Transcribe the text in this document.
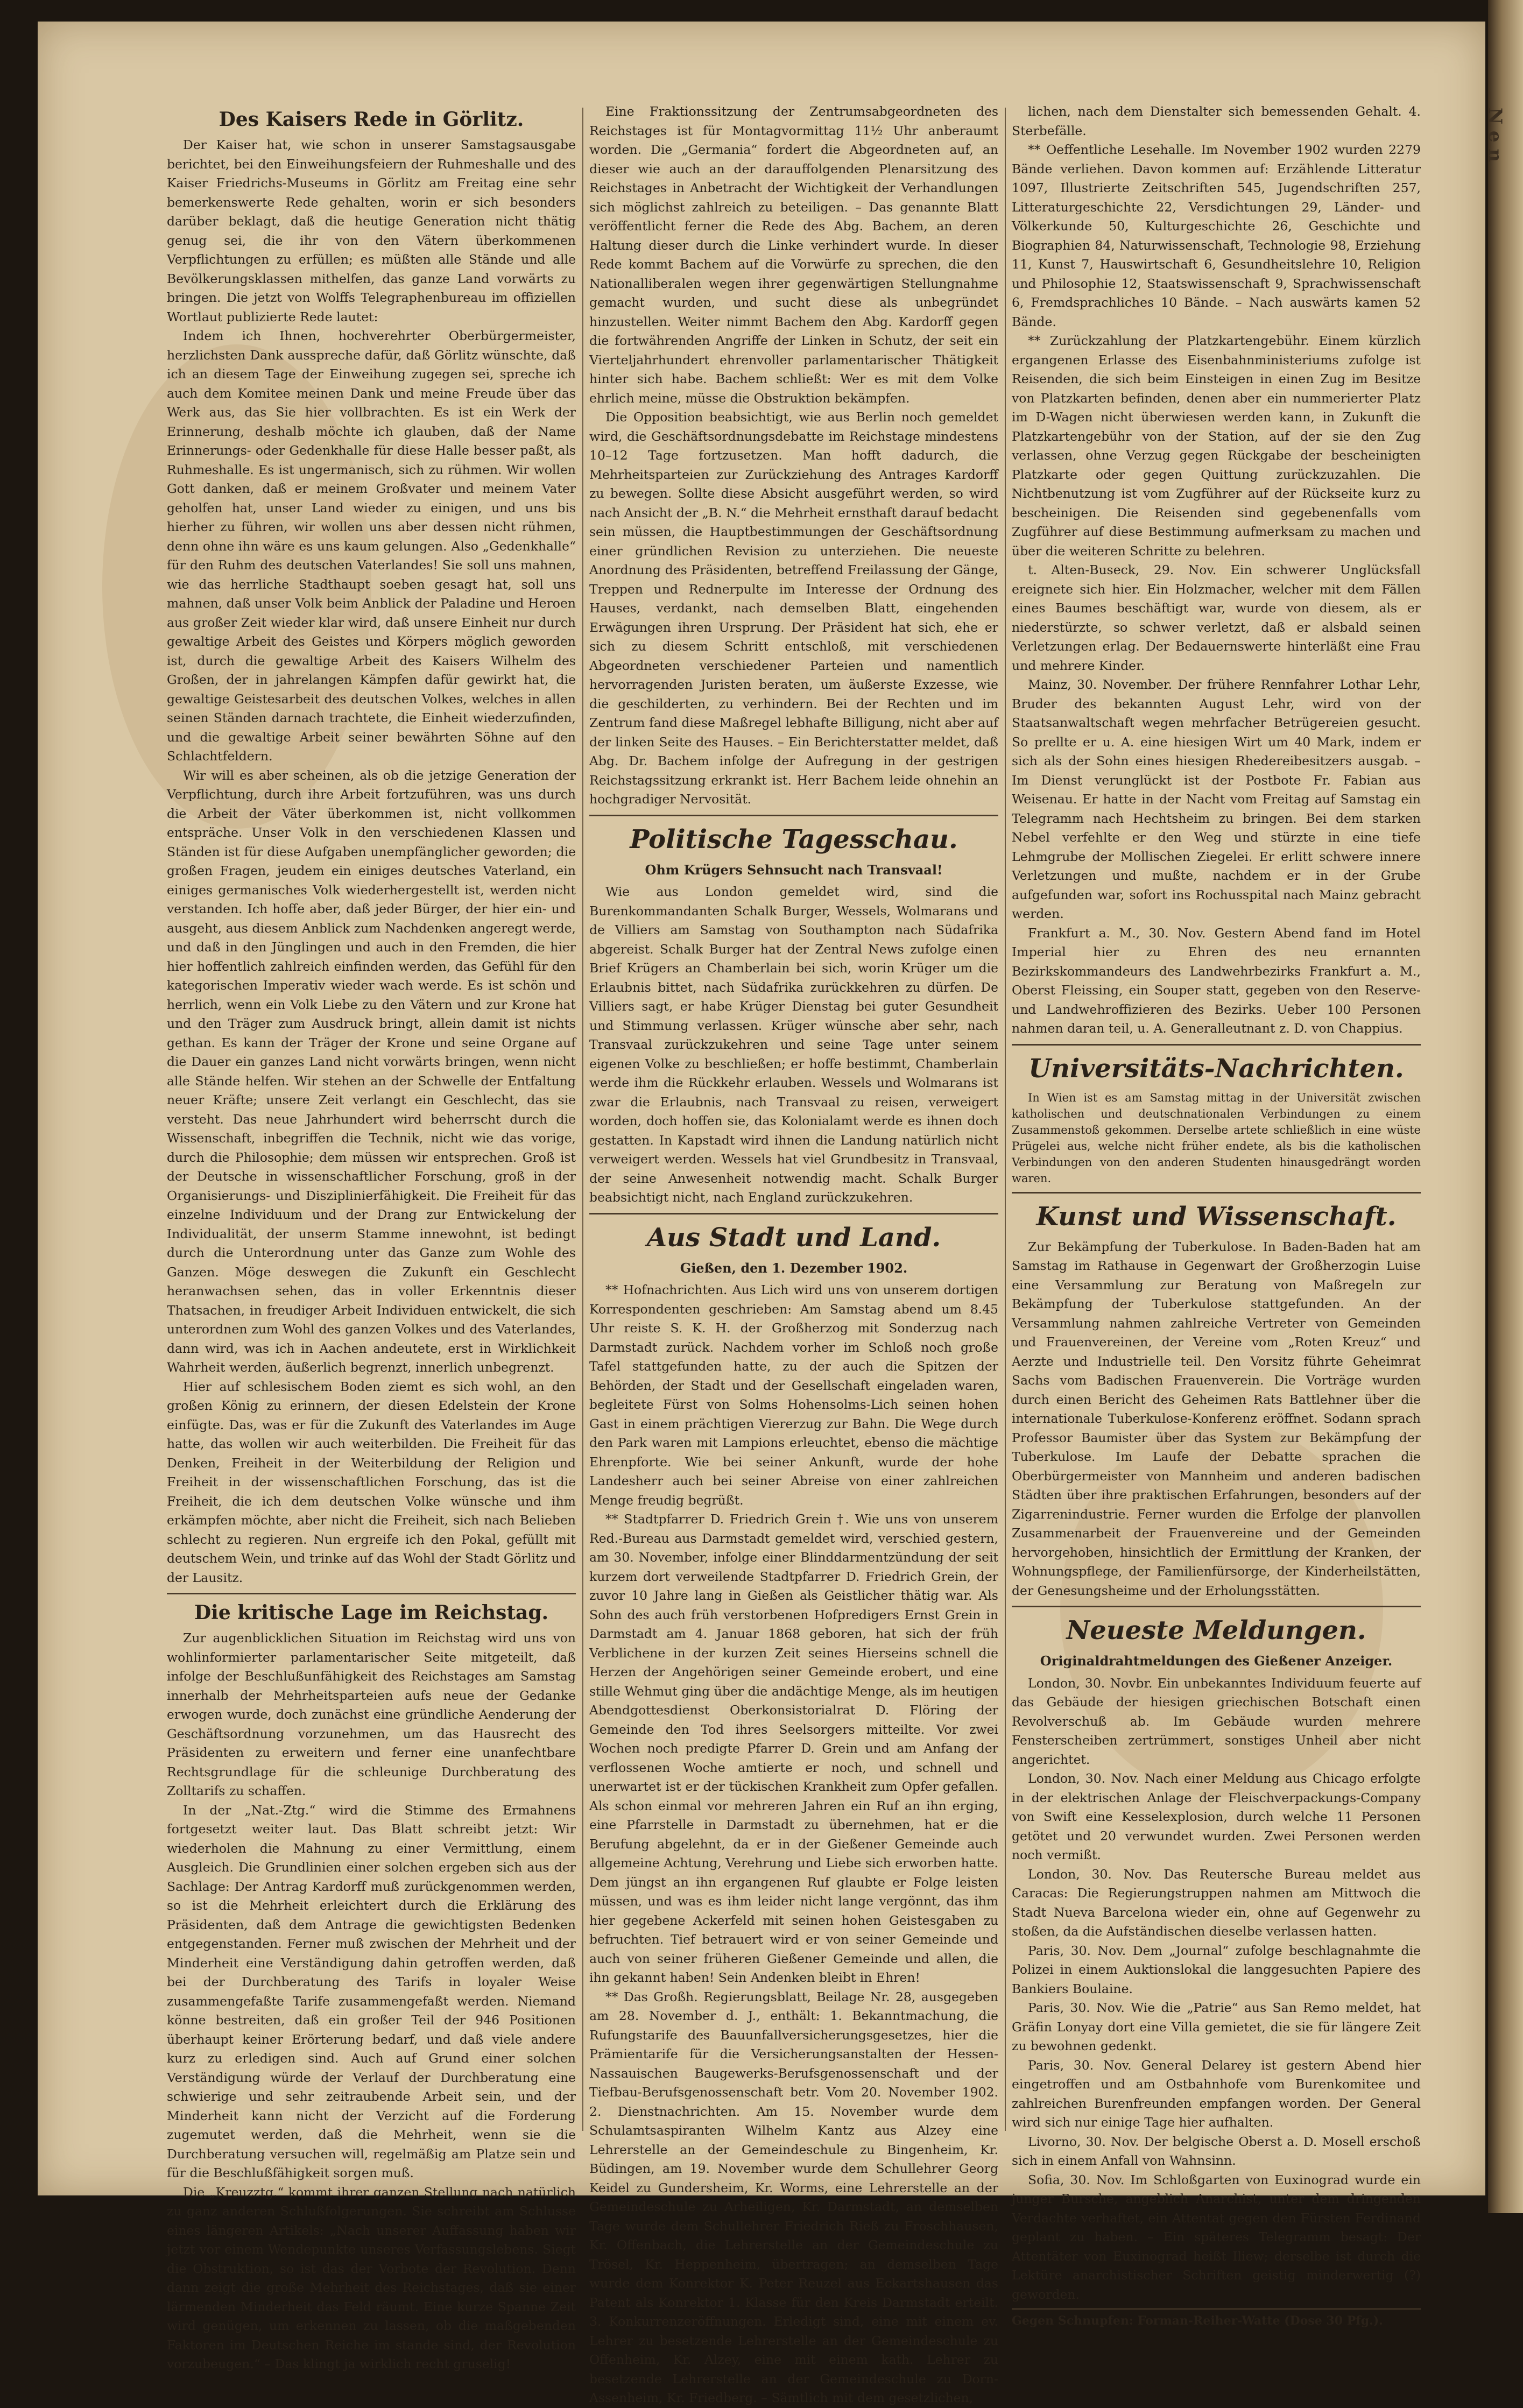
Des Kaisers Rede in Görlitz.

Der Kaiser hat, wie schon in unserer Samstagsausgabe berichtet, bei den Einweihungsfeiern der Ruhmeshalle und des Kaiser Friedrichs-Museums in Görlitz am Freitag eine sehr bemerkenswerte Rede gehalten, worin er sich besonders darüber beklagt, daß die heutige Generation nicht thätig genug sei, die ihr von den Vätern überkommenen Verpflichtungen zu erfüllen; es müßten alle Stände und alle Bevölkerungsklassen mithelfen, das ganze Land vorwärts zu bringen. Die jetzt von Wolffs Telegraphenbureau im offiziellen Wortlaut publizierte Rede lautet:

Indem ich Ihnen, hochverehrter Oberbürgermeister, herzlichsten Dank ausspreche dafür, daß Görlitz wünschte, daß ich an diesem Tage der Einweihung zugegen sei, spreche ich auch dem Komitee meinen Dank und meine Freude über das Werk aus, das Sie hier vollbrachten. Es ist ein Werk der Erinnerung, deshalb möchte ich glauben, daß der Name Erinnerungs- oder Gedenkhalle für diese Halle besser paßt, als Ruhmeshalle. Es ist ungermanisch, sich zu rühmen. Wir wollen Gott danken, daß er meinem Großvater und meinem Vater geholfen hat, unser Land wieder zu einigen, und uns bis hierher zu führen, wir wollen uns aber dessen nicht rühmen, denn ohne ihn wäre es uns kaum gelungen. Also „Gedenkhalle“ für den Ruhm des deutschen Vaterlandes! Sie soll uns mahnen, wie das herrliche Stadthaupt soeben gesagt hat, soll uns mahnen, daß unser Volk beim Anblick der Paladine und Heroen aus großer Zeit wieder klar wird, daß unsere Einheit nur durch gewaltige Arbeit des Geistes und Körpers möglich geworden ist, durch die gewaltige Arbeit des Kaisers Wilhelm des Großen, der in jahrelangen Kämpfen dafür gewirkt hat, die gewaltige Geistesarbeit des deutschen Volkes, welches in allen seinen Ständen darnach trachtete, die Einheit wiederzufinden, und die gewaltige Arbeit seiner bewährten Söhne auf den Schlachtfeldern.

Wir will es aber scheinen, als ob die jetzige Generation der Verpflichtung, durch ihre Arbeit fortzuführen, was uns durch die Arbeit der Väter überkommen ist, nicht vollkommen entspräche. Unser Volk in den verschiedenen Klassen und Ständen ist für diese Aufgaben unempfänglicher geworden; die großen Fragen, jeudem ein einiges deutsches Vaterland, ein einiges germanisches Volk wiederhergestellt ist, werden nicht verstanden. Ich hoffe aber, daß jeder Bürger, der hier ein- und ausgeht, aus diesem Anblick zum Nachdenken angeregt werde, und daß in den Jünglingen und auch in den Fremden, die hier hier hoffentlich zahlreich einfinden werden, das Gefühl für den kategorischen Imperativ wieder wach werde. Es ist schön und herrlich, wenn ein Volk Liebe zu den Vätern und zur Krone hat und den Träger zum Ausdruck bringt, allein damit ist nichts gethan. Es kann der Träger der Krone und seine Organe auf die Dauer ein ganzes Land nicht vorwärts bringen, wenn nicht alle Stände helfen. Wir stehen an der Schwelle der Entfaltung neuer Kräfte; unsere Zeit verlangt ein Geschlecht, das sie versteht. Das neue Jahrhundert wird beherrscht durch die Wissenschaft, inbegriffen die Technik, nicht wie das vorige, durch die Philosophie; dem müssen wir entsprechen. Groß ist der Deutsche in wissenschaftlicher Forschung, groß in der Organisierungs- und Disziplinierfähigkeit. Die Freiheit für das einzelne Individuum und der Drang zur Entwickelung der Individualität, der unserm Stamme innewohnt, ist bedingt durch die Unterordnung unter das Ganze zum Wohle des Ganzen. Möge deswegen die Zukunft ein Geschlecht heranwachsen sehen, das in voller Erkenntnis dieser Thatsachen, in freudiger Arbeit Individuen entwickelt, die sich unterordnen zum Wohl des ganzen Volkes und des Vaterlandes, dann wird, was ich in Aachen andeutete, erst in Wirklichkeit Wahrheit werden, äußerlich begrenzt, innerlich unbegrenzt.

Hier auf schlesischem Boden ziemt es sich wohl, an den großen König zu erinnern, der diesen Edelstein der Krone einfügte. Das, was er für die Zukunft des Vaterlandes im Auge hatte, das wollen wir auch weiterbilden. Die Freiheit für das Denken, Freiheit in der Weiterbildung der Religion und Freiheit in der wissenschaftlichen Forschung, das ist die Freiheit, die ich dem deutschen Volke wünsche und ihm erkämpfen möchte, aber nicht die Freiheit, sich nach Belieben schlecht zu regieren. Nun ergreife ich den Pokal, gefüllt mit deutschem Wein, und trinke auf das Wohl der Stadt Görlitz und der Lausitz.

Die kritische Lage im Reichstag.

Zur augenblicklichen Situation im Reichstag wird uns von wohlinformierter parlamentarischer Seite mitgeteilt, daß infolge der Beschlußunfähigkeit des Reichstages am Samstag innerhalb der Mehrheitsparteien aufs neue der Gedanke erwogen wurde, doch zunächst eine gründliche Aenderung der Geschäftsordnung vorzunehmen, um das Hausrecht des Präsidenten zu erweitern und ferner eine unanfechtbare Rechtsgrundlage für die schleunige Durchberatung des Zolltarifs zu schaffen.

In der „Nat.-Ztg.“ wird die Stimme des Ermahnens fortgesetzt weiter laut. Das Blatt schreibt jetzt: Wir wiederholen die Mahnung zu einer Vermittlung, einem Ausgleich. Die Grundlinien einer solchen ergeben sich aus der Sachlage: Der Antrag Kardorff muß zurückgenommen werden, so ist die Mehrheit erleichtert durch die Erklärung des Präsidenten, daß dem Antrage die gewichtigsten Bedenken entgegenstanden. Ferner muß zwischen der Mehrheit und der Minderheit eine Verständigung dahin getroffen werden, daß bei der Durchberatung des Tarifs in loyaler Weise zusammengefaßte Tarife zusammengefaßt werden. Niemand könne bestreiten, daß ein großer Teil der 946 Positionen überhaupt keiner Erörterung bedarf, und daß viele andere kurz zu erledigen sind. Auch auf Grund einer solchen Verständigung würde der Verlauf der Durchberatung eine schwierige und sehr zeitraubende Arbeit sein, und der Minderheit kann nicht der Verzicht auf die Forderung zugemutet werden, daß die Mehrheit, wenn sie die Durchberatung versuchen will, regelmäßig am Platze sein und für die Beschlußfähigkeit sorgen muß.

Die „Kreuzztg.“ kommt ihrer ganzen Stellung nach natürlich zu ganz anderen Schlußfolgerungen. Sie schreibt am Schlusse eines längeren Artikels: „Nach unserer Auffassung haben wir jetzt vor einem Wendepunkte unseres Verfassungslebens. Siegt die Obstruktion, so ist das der Vorbote der Revolution. Denn dann zeigt die große Mehrheit des Reichstages, daß sie einer lärmenden Minderheit das Feld räumt. Eine kurze Spanne Zeit wird genügen, um erkennen zu lassen, ob die maßgebenden Faktoren im Deutschen Reiche im stande sind, der Revolution vorzubeugen.“ – Das klingt ja wirklich recht gruselig!

Eine Fraktionssitzung der Zentrumsabgeordneten des Reichstages ist für Montagvormittag 11½ Uhr anberaumt worden. Die „Germania“ fordert die Abgeordneten auf, an dieser wie auch an der darauffolgenden Plenarsitzung des Reichstages in Anbetracht der Wichtigkeit der Verhandlungen sich möglichst zahlreich zu beteiligen. – Das genannte Blatt veröffentlicht ferner die Rede des Abg. Bachem, an deren Haltung dieser durch die Linke verhindert wurde. In dieser Rede kommt Bachem auf die Vorwürfe zu sprechen, die den Nationalliberalen wegen ihrer gegenwärtigen Stellungnahme gemacht wurden, und sucht diese als unbegründet hinzustellen. Weiter nimmt Bachem den Abg. Kardorff gegen die fortwährenden Angriffe der Linken in Schutz, der seit ein Vierteljahrhundert ehrenvoller parlamentarischer Thätigkeit hinter sich habe. Bachem schließt: Wer es mit dem Volke ehrlich meine, müsse die Obstruktion bekämpfen.

Die Opposition beabsichtigt, wie aus Berlin noch gemeldet wird, die Geschäftsordnungsdebatte im Reichstage mindestens 10–12 Tage fortzusetzen. Man hofft dadurch, die Mehrheitsparteien zur Zurückziehung des Antrages Kardorff zu bewegen. Sollte diese Absicht ausgeführt werden, so wird nach Ansicht der „B. N.“ die Mehrheit ernsthaft darauf bedacht sein müssen, die Hauptbestimmungen der Geschäftsordnung einer gründlichen Revision zu unterziehen. Die neueste Anordnung des Präsidenten, betreffend Freilassung der Gänge, Treppen und Rednerpulte im Interesse der Ordnung des Hauses, verdankt, nach demselben Blatt, eingehenden Erwägungen ihren Ursprung. Der Präsident hat sich, ehe er sich zu diesem Schritt entschloß, mit verschiedenen Abgeordneten verschiedener Parteien und namentlich hervorragenden Juristen beraten, um äußerste Exzesse, wie die geschilderten, zu verhindern. Bei der Rechten und im Zentrum fand diese Maßregel lebhafte Billigung, nicht aber auf der linken Seite des Hauses. – Ein Berichterstatter meldet, daß Abg. Dr. Bachem infolge der Aufregung in der gestrigen Reichstagssitzung erkrankt ist. Herr Bachem leide ohnehin an hochgradiger Nervosität.

Politische Tagesschau.
Ohm Krügers Sehnsucht nach Transvaal!

Wie aus London gemeldet wird, sind die Burenkommandanten Schalk Burger, Wessels, Wolmarans und de Villiers am Samstag von Southampton nach Südafrika abgereist. Schalk Burger hat der Zentral News zufolge einen Brief Krügers an Chamberlain bei sich, worin Krüger um die Erlaubnis bittet, nach Südafrika zurückkehren zu dürfen. De Villiers sagt, er habe Krüger Dienstag bei guter Gesundheit und Stimmung verlassen. Krüger wünsche aber sehr, nach Transvaal zurückzukehren und seine Tage unter seinem eigenen Volke zu beschließen; er hoffe bestimmt, Chamberlain werde ihm die Rückkehr erlauben. Wessels und Wolmarans ist zwar die Erlaubnis, nach Transvaal zu reisen, verweigert worden, doch hoffen sie, das Kolonialamt werde es ihnen doch gestatten. In Kapstadt wird ihnen die Landung natürlich nicht verweigert werden. Wessels hat viel Grundbesitz in Transvaal, der seine Anwesenheit notwendig macht. Schalk Burger beabsichtigt nicht, nach England zurückzukehren.

Aus Stadt und Land.
Gießen, den 1. Dezember 1902.

** Hofnachrichten. Aus Lich wird uns von unserem dortigen Korrespondenten geschrieben: Am Samstag abend um 8.45 Uhr reiste S. K. H. der Großherzog mit Sonderzug nach Darmstadt zurück. Nachdem vorher im Schloß noch große Tafel stattgefunden hatte, zu der auch die Spitzen der Behörden, der Stadt und der Gesellschaft eingeladen waren, begleitete Fürst von Solms Hohensolms-Lich seinen hohen Gast in einem prächtigen Viererzug zur Bahn. Die Wege durch den Park waren mit Lampions erleuchtet, ebenso die mächtige Ehrenpforte. Wie bei seiner Ankunft, wurde der hohe Landesherr auch bei seiner Abreise von einer zahlreichen Menge freudig begrüßt.

** Stadtpfarrer D. Friedrich Grein †. Wie uns von unserem Red.-Bureau aus Darmstadt gemeldet wird, verschied gestern, am 30. November, infolge einer Blinddarmentzündung der seit kurzem dort verweilende Stadtpfarrer D. Friedrich Grein, der zuvor 10 Jahre lang in Gießen als Geistlicher thätig war. Als Sohn des auch früh verstorbenen Hofpredigers Ernst Grein in Darmstadt am 4. Januar 1868 geboren, hat sich der früh Verblichene in der kurzen Zeit seines Hierseins schnell die Herzen der Angehörigen seiner Gemeinde erobert, und eine stille Wehmut ging über die andächtige Menge, als im heutigen Abendgottesdienst Oberkonsistorialrat D. Flöring der Gemeinde den Tod ihres Seelsorgers mitteilte. Vor zwei Wochen noch predigte Pfarrer D. Grein und am Anfang der verflossenen Woche amtierte er noch, und schnell und unerwartet ist er der tückischen Krankheit zum Opfer gefallen. Als schon einmal vor mehreren Jahren ein Ruf an ihn erging, eine Pfarrstelle in Darmstadt zu übernehmen, hat er die Berufung abgelehnt, da er in der Gießener Gemeinde auch allgemeine Achtung, Verehrung und Liebe sich erworben hatte. Dem jüngst an ihn ergangenen Ruf glaubte er Folge leisten müssen, und was es ihm leider nicht lange vergönnt, das ihm hier gegebene Ackerfeld mit seinen hohen Geistesgaben zu befruchten. Tief betrauert wird er von seiner Gemeinde und auch von seiner früheren Gießener Gemeinde und allen, die ihn gekannt haben! Sein Andenken bleibt in Ehren!

** Das Großh. Regierungsblatt, Beilage Nr. 28, ausgegeben am 28. November d. J., enthält: 1. Bekanntmachung, die Rufungstarife des Bauunfallversicherungsgesetzes, hier die Prämientarife für die Versicherungsanstalten der Hessen-Nassauischen Baugewerks-Berufsgenossenschaft und der Tiefbau-Berufsgenossenschaft betr. Vom 20. November 1902. 2. Dienstnachrichten. Am 15. November wurde dem Schulamtsaspiranten Wilhelm Kantz aus Alzey eine Lehrerstelle an der Gemeindeschule zu Bingenheim, Kr. Büdingen, am 19. November wurde dem Schullehrer Georg Keidel zu Gundersheim, Kr. Worms, eine Lehrerstelle an der Gemeindeschule zu Arheiligen, Kr. Darmstadt, an demselben Tage wurde dem Schullehrer Friedrich Rieß zu Froschhausen, Kr. Offenbach, die Lehrerstelle an der Gemeindeschule zu Trösel, Kr. Heppenheim, übertragen; an demselben Tage wurde dem Konrektor K. Peter Reuzel aus Eckartshausen das Patent als Konrektor 1. Klasse für den Kreis Darmstadt erteilt. 3. Konkurrenzeröffnungen. Erledigt sind, eine mit einem ev. Lehrer zu besetzende Lehrerstelle an der Gemeindeschule zu Offenheim, Kr. Alzey, eine mit einem kath. Lehrer zu besetzende Lehrerstelle an der Gemeindeschule zu Dorn-Assenheim, Kr. Friedberg. – Sämtlich mit dem gesetzlichen,

lichen, nach dem Dienstalter sich bemessenden Gehalt. 4. Sterbefälle.

** Oeffentliche Lesehalle. Im November 1902 wurden 2279 Bände verliehen. Davon kommen auf: Erzählende Litteratur 1097, Illustrierte Zeitschriften 545, Jugendschriften 257, Litteraturgeschichte 22, Versdichtungen 29, Länder- und Völkerkunde 50, Kulturgeschichte 26, Geschichte und Biographien 84, Naturwissenschaft, Technologie 98, Erziehung 11, Kunst 7, Hauswirtschaft 6, Gesundheitslehre 10, Religion und Philosophie 12, Staatswissenschaft 9, Sprachwissenschaft 6, Fremdsprachliches 10 Bände. – Nach auswärts kamen 52 Bände.

** Zurückzahlung der Platzkartengebühr. Einem kürzlich ergangenen Erlasse des Eisenbahnministeriums zufolge ist Reisenden, die sich beim Einsteigen in einen Zug im Besitze von Platzkarten befinden, denen aber ein nummerierter Platz im D-Wagen nicht überwiesen werden kann, in Zukunft die Platzkartengebühr von der Station, auf der sie den Zug verlassen, ohne Verzug gegen Rückgabe der bescheinigten Platzkarte oder gegen Quittung zurückzuzahlen. Die Nichtbenutzung ist vom Zugführer auf der Rückseite kurz zu bescheinigen. Die Reisenden sind gegebenenfalls vom Zugführer auf diese Bestimmung aufmerksam zu machen und über die weiteren Schritte zu belehren.

t. Alten-Buseck, 29. Nov. Ein schwerer Unglücksfall ereignete sich hier. Ein Holzmacher, welcher mit dem Fällen eines Baumes beschäftigt war, wurde von diesem, als er niederstürzte, so schwer verletzt, daß er alsbald seinen Verletzungen erlag. Der Bedauernswerte hinterläßt eine Frau und mehrere Kinder.

Mainz, 30. November. Der frühere Rennfahrer Lothar Lehr, Bruder des bekannten August Lehr, wird von der Staatsanwaltschaft wegen mehrfacher Betrügereien gesucht. So prellte er u. A. eine hiesigen Wirt um 40 Mark, indem er sich als der Sohn eines hiesigen Rhedereibesitzers ausgab. – Im Dienst verunglückt ist der Postbote Fr. Fabian aus Weisenau. Er hatte in der Nacht vom Freitag auf Samstag ein Telegramm nach Hechtsheim zu bringen. Bei dem starken Nebel verfehlte er den Weg und stürzte in eine tiefe Lehmgrube der Mollischen Ziegelei. Er erlitt schwere innere Verletzungen und mußte, nachdem er in der Grube aufgefunden war, sofort ins Rochusspital nach Mainz gebracht werden.

Frankfurt a. M., 30. Nov. Gestern Abend fand im Hotel Imperial hier zu Ehren des neu ernannten Bezirkskommandeurs des Landwehrbezirks Frankfurt a. M., Oberst Fleissing, ein Souper statt, gegeben von den Reserve- und Landwehroffizieren des Bezirks. Ueber 100 Personen nahmen daran teil, u. A. Generalleutnant z. D. von Chappius.

Universitäts-Nachrichten.

In Wien ist es am Samstag mittag in der Universität zwischen katholischen und deutschnationalen Verbindungen zu einem Zusammenstoß gekommen. Derselbe artete schließlich in eine wüste Prügelei aus, welche nicht früher endete, als bis die katholischen Verbindungen von den anderen Studenten hinausgedrängt worden waren.

Kunst und Wissenschaft.

Zur Bekämpfung der Tuberkulose. In Baden-Baden hat am Samstag im Rathause in Gegenwart der Großherzogin Luise eine Versammlung zur Beratung von Maßregeln zur Bekämpfung der Tuberkulose stattgefunden. An der Versammlung nahmen zahlreiche Vertreter von Gemeinden und Frauenvereinen, der Vereine vom „Roten Kreuz“ und Aerzte und Industrielle teil. Den Vorsitz führte Geheimrat Sachs vom Badischen Frauenverein. Die Vorträge wurden durch einen Bericht des Geheimen Rats Battlehner über die internationale Tuberkulose-Konferenz eröffnet. Sodann sprach Professor Baumister über das System zur Bekämpfung der Tuberkulose. Im Laufe der Debatte sprachen die Oberbürgermeister von Mannheim und anderen badischen Städten über ihre praktischen Erfahrungen, besonders auf der Zigarrenindustrie. Ferner wurden die Erfolge der planvollen Zusammenarbeit der Frauenvereine und der Gemeinden hervorgehoben, hinsichtlich der Ermittlung der Kranken, der Wohnungspflege, der Familienfürsorge, der Kinderheilstätten, der Genesungsheime und der Erholungsstätten.

Neueste Meldungen.
Originaldrahtmeldungen des Gießener Anzeiger.

London, 30. Novbr. Ein unbekanntes Individuum feuerte auf das Gebäude der hiesigen griechischen Botschaft einen Revolverschuß ab. Im Gebäude wurden mehrere Fensterscheiben zertrümmert, sonstiges Unheil aber nicht angerichtet.

London, 30. Nov. Nach einer Meldung aus Chicago erfolgte in der elektrischen Anlage der Fleischverpackungs-Company von Swift eine Kesselexplosion, durch welche 11 Personen getötet und 20 verwundet wurden. Zwei Personen werden noch vermißt.

London, 30. Nov. Das Reutersche Bureau meldet aus Caracas: Die Regierungstruppen nahmen am Mittwoch die Stadt Nueva Barcelona wieder ein, ohne auf Gegenwehr zu stoßen, da die Aufständischen dieselbe verlassen hatten.

Paris, 30. Nov. Dem „Journal“ zufolge beschlagnahmte die Polizei in einem Auktionslokal die langgesuchten Papiere des Bankiers Boulaine.

Paris, 30. Nov. Wie die „Patrie“ aus San Remo meldet, hat Gräfin Lonyay dort eine Villa gemietet, die sie für längere Zeit zu bewohnen gedenkt.

Paris, 30. Nov. General Delarey ist gestern Abend hier eingetroffen und am Ostbahnhofe vom Burenkomitee und zahlreichen Burenfreunden empfangen worden. Der General wird sich nur einige Tage hier aufhalten.

Livorno, 30. Nov. Der belgische Oberst a. D. Mosell erschoß sich in einem Anfall von Wahnsinn.

Sofia, 30. Nov. Im Schloßgarten von Euxinograd wurde ein junger Bursche, angeblich Anarchist, unter dem dringenden Verdachte verhaftet, ein Attentat gegen den Fürsten Ferdinand geplant zu haben. – Ein späteres Telegramm besagt: Der Attentäter von Euxinograd heißt Iliew; derselbe ist durch die Lektüre anarchistischer Schriften geistig minderwertig (?) geworden.

Gegen Schnupfen: Forman-Reiher-Watte (Dose 30 Pfg.).
N e n
